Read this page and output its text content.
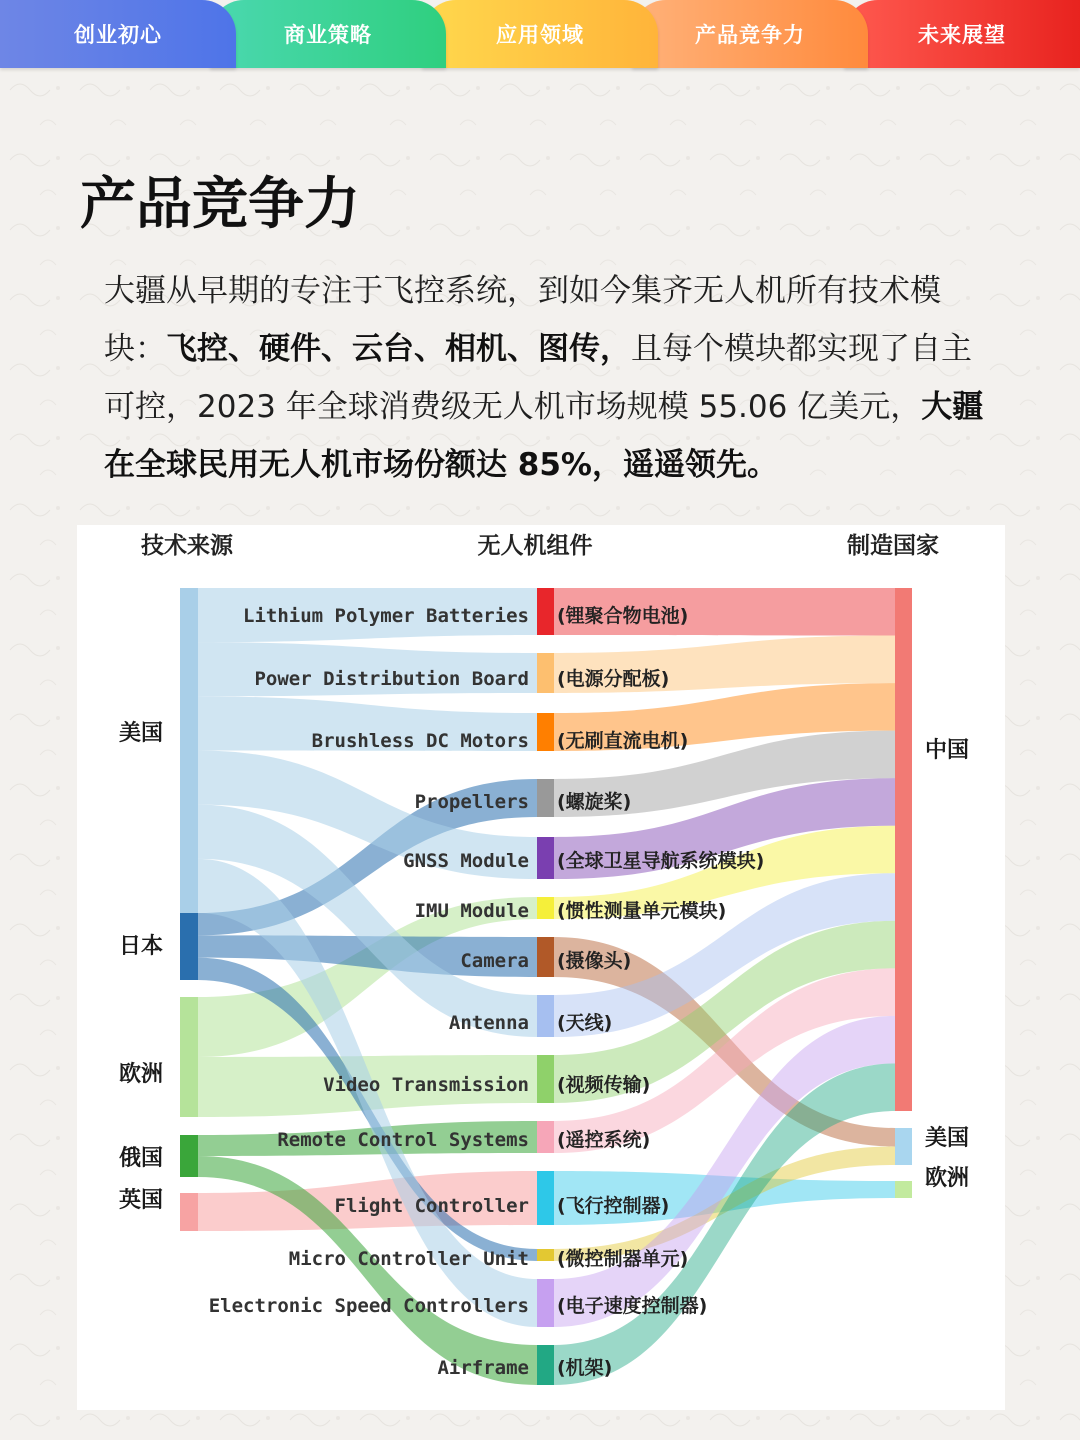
创业初心	商业策略	应用领域	产品竞争力	未来展望
产品竞争力
大疆从早期的专注于飞控系统，到如今集齐无人机所有技术模块：飞控、硬件、云台、相机、图传，且每个模块都实现了自主可控，2023 年全球消费级无人机市场规模 55.06 亿美元，大疆在全球民用无人机市场份额达 85%，遥遥领先。
技术来源	无人机组件	制造国家
美国
日本
欧洲
俄国
英国
Lithium Polymer Batteries (锂聚合物电池)
Power Distribution Board (电源分配板)
Brushless DC Motors (无刷直流电机)
Propellers (螺旋桨)
GNSS Module (全球卫星导航系统模块)
IMU Module (惯性测量单元模块)
Camera (摄像头)
Antenna (天线)
Video Transmission (视频传输)
Remote Control Systems (遥控系统)
Flight Controller (飞行控制器)
Micro Controller Unit (微控制器单元)
Electronic Speed Controllers (电子速度控制器)
Airframe (机架)
中国
美国
欧洲
